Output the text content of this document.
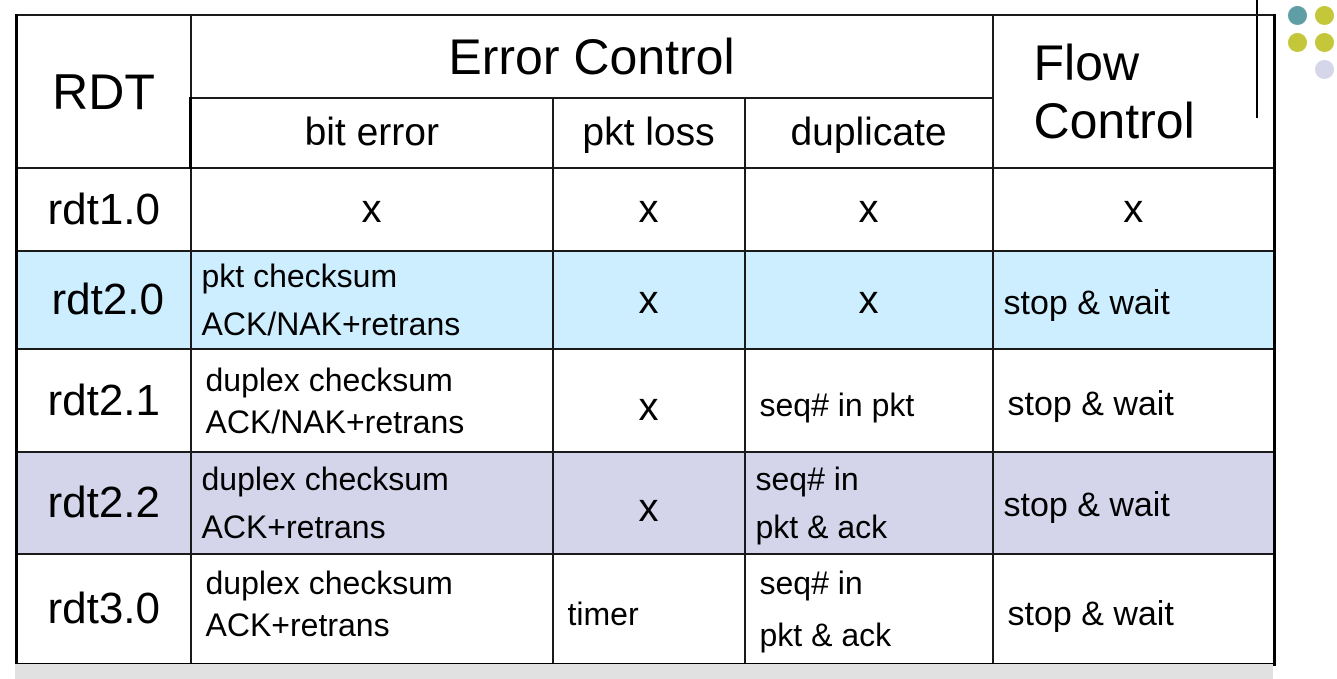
RDT	Error Control			Flow
Control
	bit error	pkt loss	duplicate	
rdt1.0	x	x	x	x
rdt2.0	pkt checksum
ACK/NAK+retrans	x	x	stop & wait
rdt2.1	duplex checksum
ACK/NAK+retrans	x	seq# in pkt	stop & wait
rdt2.2	duplex checksum
ACK+retrans	x	seq# in
pkt & ack	stop & wait
rdt3.0	duplex checksum
ACK+retrans	timer	seq# in
pkt & ack	stop & wait
